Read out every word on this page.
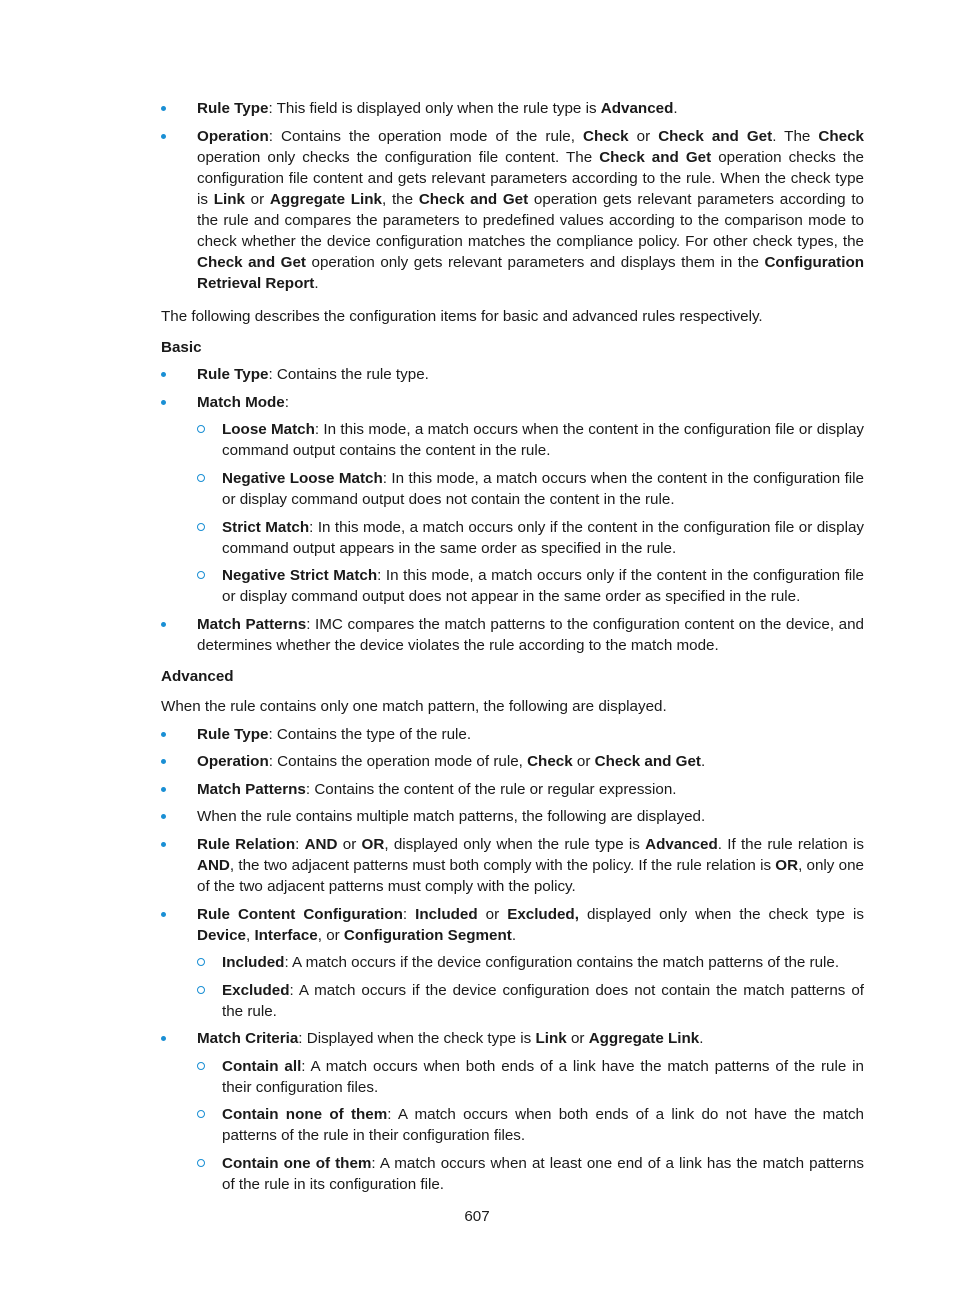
Rule Type: This field is displayed only when the rule type is Advanced.
Operation: Contains the operation mode of the rule, Check or Check and Get. The Check operation only checks the configuration file content. The Check and Get operation checks the configuration file content and gets relevant parameters according to the rule. When the check type is Link or Aggregate Link, the Check and Get operation gets relevant parameters according to the rule and compares the parameters to predefined values according to the comparison mode to check whether the device configuration matches the compliance policy. For other check types, the Check and Get operation only gets relevant parameters and displays them in the Configuration Retrieval Report.
The following describes the configuration items for basic and advanced rules respectively.
Basic
Rule Type: Contains the rule type.
Match Mode:
Loose Match: In this mode, a match occurs when the content in the configuration file or display command output contains the content in the rule.
Negative Loose Match: In this mode, a match occurs when the content in the configuration file or display command output does not contain the content in the rule.
Strict Match: In this mode, a match occurs only if the content in the configuration file or display command output appears in the same order as specified in the rule.
Negative Strict Match: In this mode, a match occurs only if the content in the configuration file or display command output does not appear in the same order as specified in the rule.
Match Patterns: IMC compares the match patterns to the configuration content on the device, and determines whether the device violates the rule according to the match mode.
Advanced
When the rule contains only one match pattern, the following are displayed.
Rule Type: Contains the type of the rule.
Operation: Contains the operation mode of rule, Check or Check and Get.
Match Patterns: Contains the content of the rule or regular expression.
When the rule contains multiple match patterns, the following are displayed.
Rule Relation: AND or OR, displayed only when the rule type is Advanced. If the rule relation is AND, the two adjacent patterns must both comply with the policy. If the rule relation is OR, only one of the two adjacent patterns must comply with the policy.
Rule Content Configuration: Included or Excluded, displayed only when the check type is Device, Interface, or Configuration Segment.
Included: A match occurs if the device configuration contains the match patterns of the rule.
Excluded: A match occurs if the device configuration does not contain the match patterns of the rule.
Match Criteria: Displayed when the check type is Link or Aggregate Link.
Contain all: A match occurs when both ends of a link have the match patterns of the rule in their configuration files.
Contain none of them: A match occurs when both ends of a link do not have the match patterns of the rule in their configuration files.
Contain one of them: A match occurs when at least one end of a link has the match patterns of the rule in its configuration file.
607
